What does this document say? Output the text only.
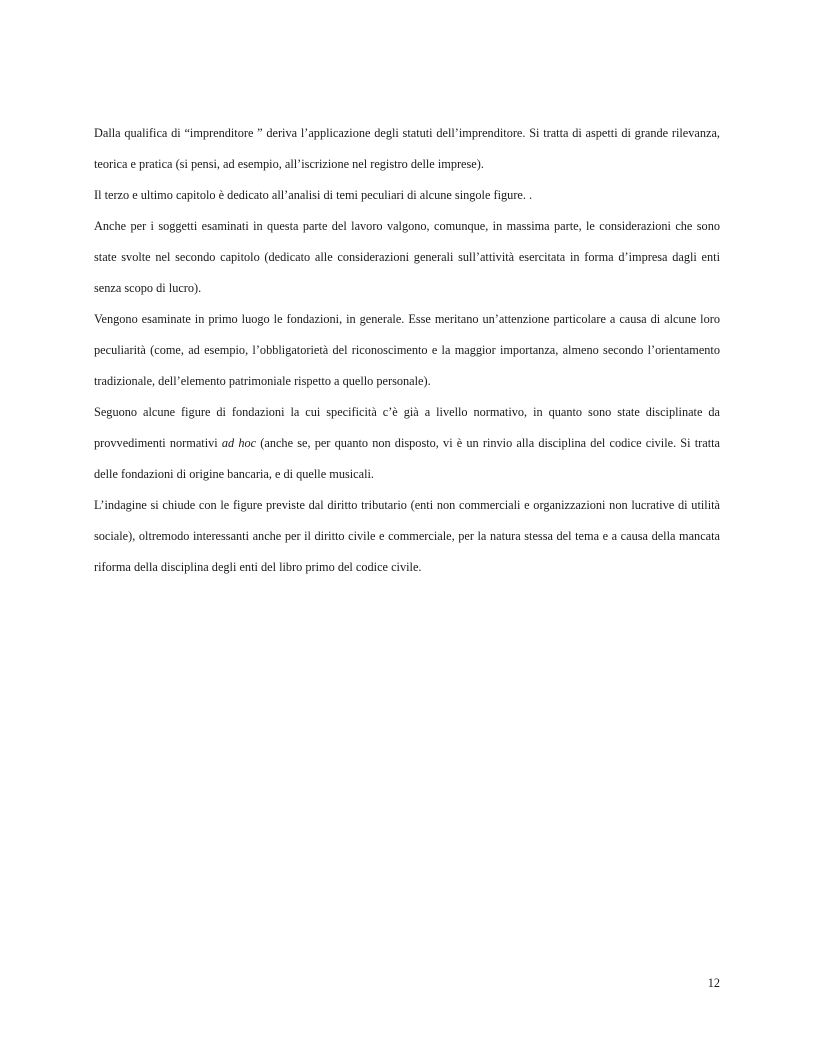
Dalla qualifica di “imprenditore ” deriva l’applicazione degli statuti dell’imprenditore. Si tratta di aspetti di grande rilevanza, teorica e pratica (si pensi, ad esempio, all’iscrizione nel registro delle imprese).

Il terzo e ultimo capitolo è dedicato all’analisi di temi peculiari di alcune singole figure. .

Anche per i soggetti esaminati in questa parte del lavoro valgono, comunque, in massima parte, le considerazioni che sono state svolte nel secondo capitolo (dedicato alle considerazioni generali sull’attività esercitata in forma d’impresa dagli enti senza scopo di lucro).

Vengono esaminate in primo luogo le fondazioni, in generale. Esse meritano un’attenzione particolare a causa di alcune loro peculiarità (come, ad esempio, l’obbligatorietà del riconoscimento e la maggior importanza, almeno secondo l’orientamento tradizionale, dell’elemento patrimoniale rispetto a quello personale).

Seguono alcune figure di fondazioni la cui specificità c’è già a livello normativo, in quanto sono state disciplinate da provvedimenti normativi ad hoc (anche se, per quanto non disposto, vi è un rinvio alla disciplina del codice civile. Si tratta delle fondazioni di origine bancaria, e di quelle musicali.

L’indagine si chiude con le figure previste dal diritto tributario (enti non commerciali e organizzazioni non lucrative di utilità sociale), oltremodo interessanti anche per il diritto civile e commerciale, per la natura stessa del tema e a causa della mancata riforma della disciplina degli enti del libro primo del codice civile.

12
